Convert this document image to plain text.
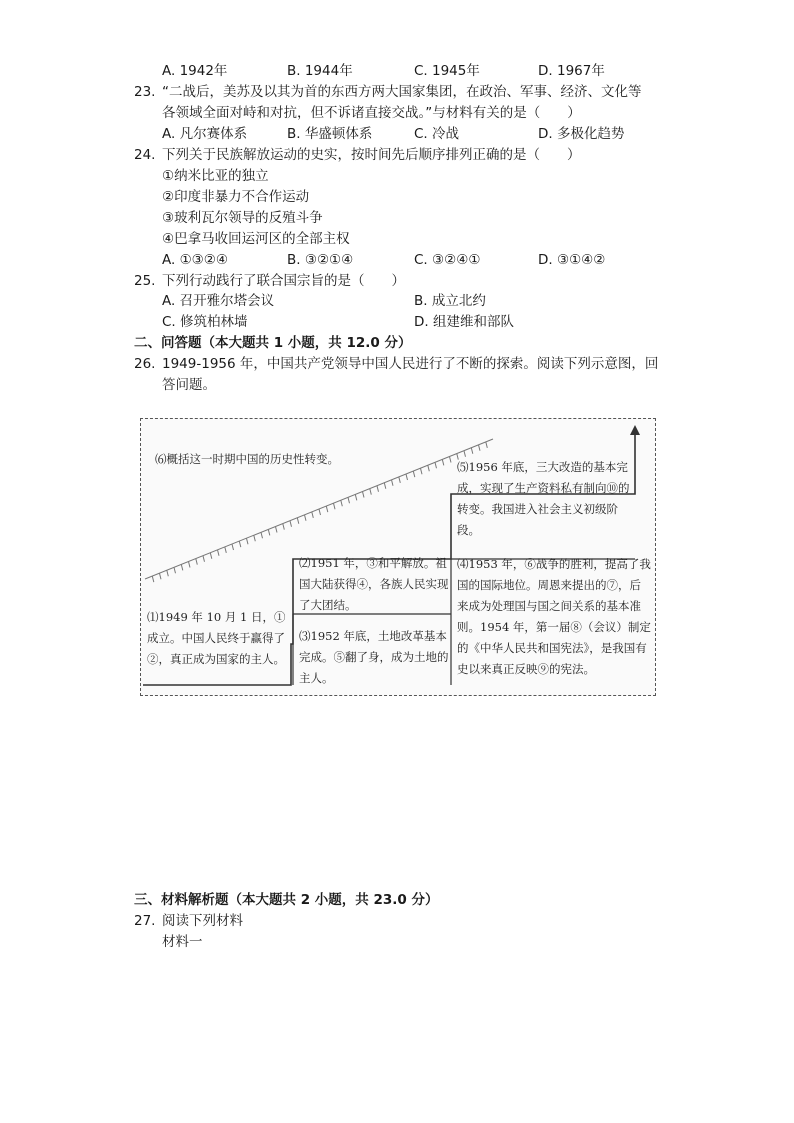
A. 1942年	B. 1944年	C. 1945年	D. 1967年
23. “二战后，美苏及以其为首的东西方两大国家集团，在政治、军事、经济、文化等
各领域全面对峙和对抗，但不诉诸直接交战。”与材料有关的是（　　）
A. 凡尔赛体系	B. 华盛顿体系	C. 冷战	D. 多极化趋势
24. 下列关于民族解放运动的史实，按时间先后顺序排列正确的是（　　）
①纳米比亚的独立
②印度非暴力不合作运动
③玻利瓦尔领导的反殖斗争
④巴拿马收回运河区的全部主权
A. ①③②④	B. ③②①④	C. ③②④①	D. ③①④②
25. 下列行动践行了联合国宗旨的是（　　）
A. 召开雅尔塔会议	B. 成立北约
C. 修筑柏林墙	D. 组建维和部队
二、问答题（本大题共 1 小题，共 12.0 分）
26. 1949-1956 年，中国共产党领导中国人民进行了不断的探索。阅读下列示意图，回
答问题。
⑹概括这一时期中国的历史性转变。
⑸1956 年底，三大改造的基本完成，实现了生产资料私有制向⑩的转变。我国进入社会主义初级阶段。
⑵1951 年，③和平解放。祖国大陆获得④，各族人民实现了大团结。
⑷1953 年，⑥战争的胜利，提高了我国的国际地位。周恩来提出的⑦，后来成为处理国与国之间关系的基本准则。1954 年，第一届⑧（会议）制定的《中华人民共和国宪法》，是我国有史以来真正反映⑨的宪法。
⑴1949 年 10 月 1 日，①成立。中国人民终于赢得了②，真正成为国家的主人。
⑶1952 年底，土地改革基本完成。⑤翻了身，成为土地的主人。
三、材料解析题（本大题共 2 小题，共 23.0 分）
27. 阅读下列材料
材料一
